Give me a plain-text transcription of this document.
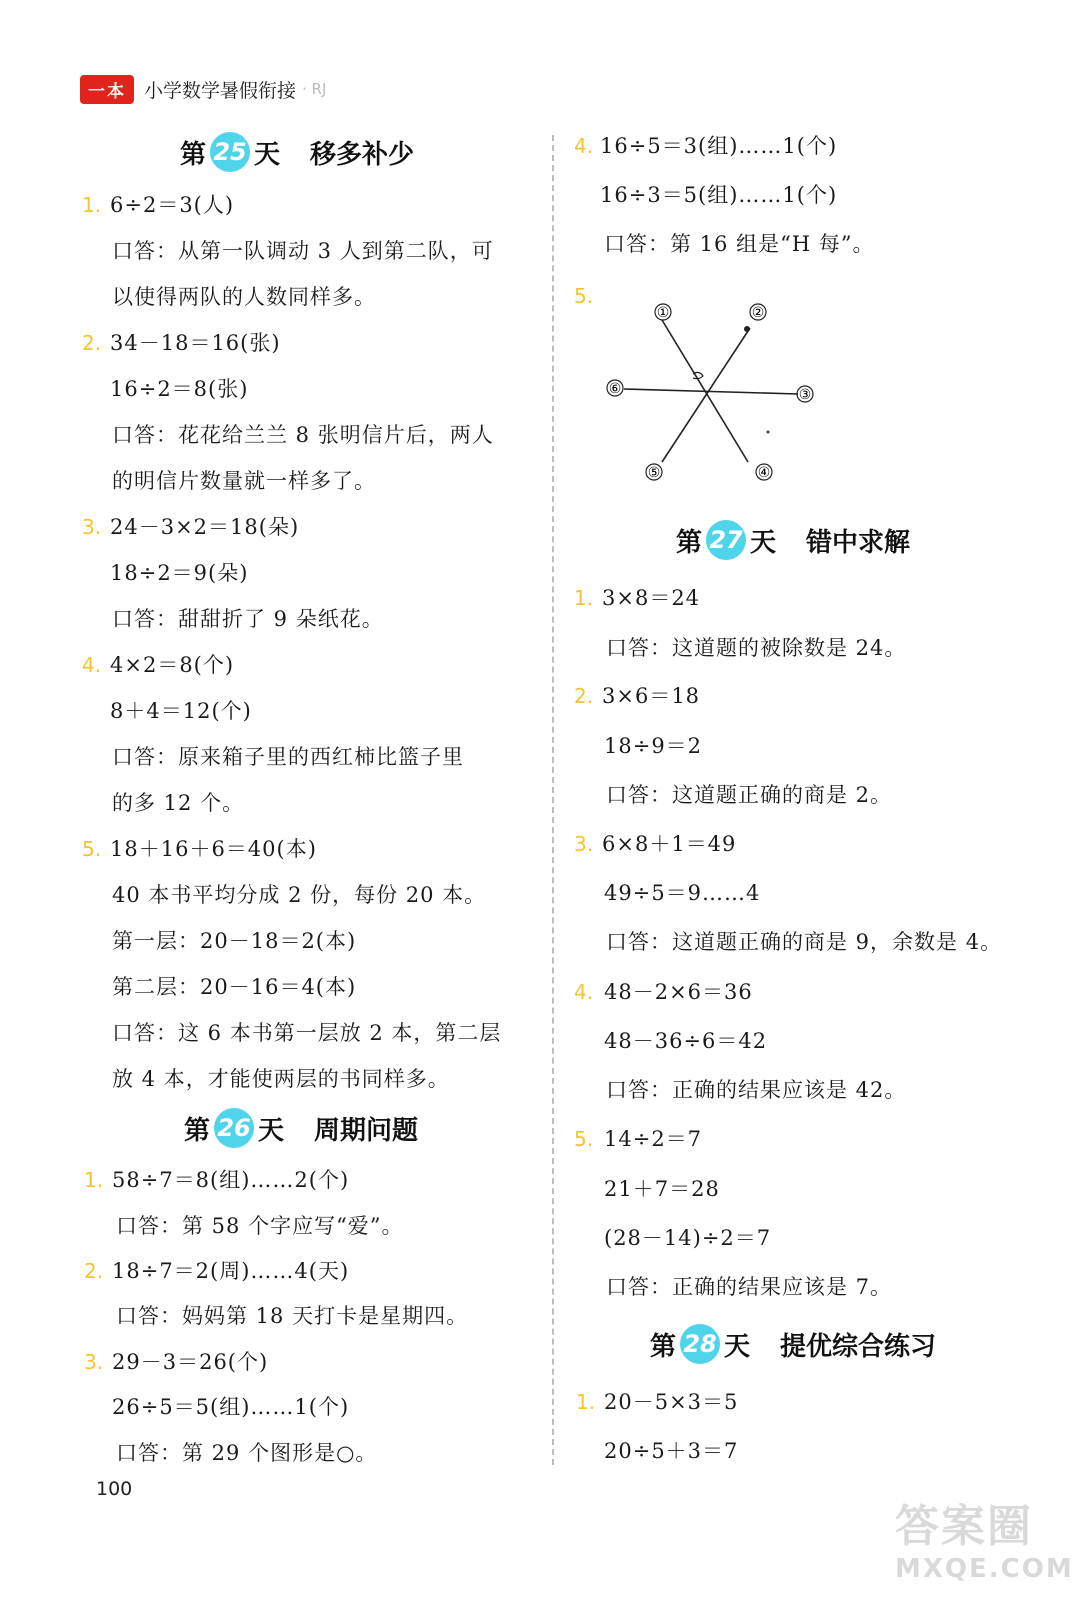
一本 小学数学暑假衔接 · RJ
第 25 天 移多补少
1. 6÷2＝3(人)
口答：从第一队调动 3 人到第二队，可
以使得两队的人数同样多。
2. 34－18＝16(张)
16÷2＝8(张)
口答：花花给兰兰 8 张明信片后，两人
的明信片数量就一样多了。
3. 24－3×2＝18(朵)
18÷2＝9(朵)
口答：甜甜折了 9 朵纸花。
4. 4×2＝8(个)
8＋4＝12(个)
口答：原来箱子里的西红柿比篮子里
的多 12 个。
5. 18＋16＋6＝40(本)
40 本书平均分成 2 份，每份 20 本。
第一层：20－18＝2(本)
第二层：20－16＝4(本)
口答：这 6 本书第一层放 2 本，第二层
放 4 本，才能使两层的书同样多。
第 26 天 周期问题
1. 58÷7＝8(组)……2(个)
口答：第 58 个字应写“爱”。
2. 18÷7＝2(周)……4(天)
口答：妈妈第 18 天打卡是星期四。
3. 29－3＝26(个)
26÷5＝5(组)……1(个)
口答：第 29 个图形是○。
100
4. 16÷5＝3(组)……1(个)
16÷3＝5(组)……1(个)
口答：第 16 组是“H 每”。
5.
①	②
③
④
⑤
⑥
第 27 天 错中求解
1. 3×8＝24
口答：这道题的被除数是 24。
2. 3×6＝18
18÷9＝2
口答：这道题正确的商是 2。
3. 6×8＋1＝49
49÷5＝9……4
口答：这道题正确的商是 9，余数是 4。
4. 48－2×6＝36
48－36÷6＝42
口答：正确的结果应该是 42。
5. 14÷2＝7
21＋7＝28
(28－14)÷2＝7
口答：正确的结果应该是 7。
第 28 天 提优综合练习
1. 20－5×3＝5
20÷5＋3＝7
答案圈
MXQE.COM
